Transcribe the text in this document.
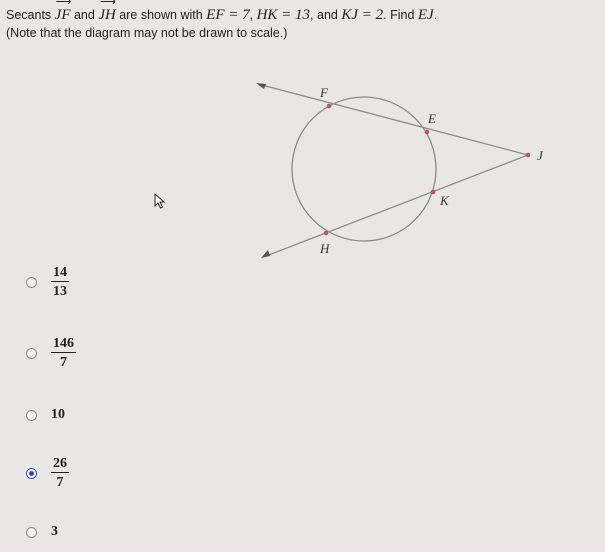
Secants
⟶
JF and
⟶
JH are shown with EF = 7, HK = 13, and KJ = 2. Find EJ.
(Note that the diagram may not be drawn to scale.)
F
E
J
K
H
$\frac{14}{13}$
$\frac{146}{7}$
10
$\frac{26}{7}$
3
